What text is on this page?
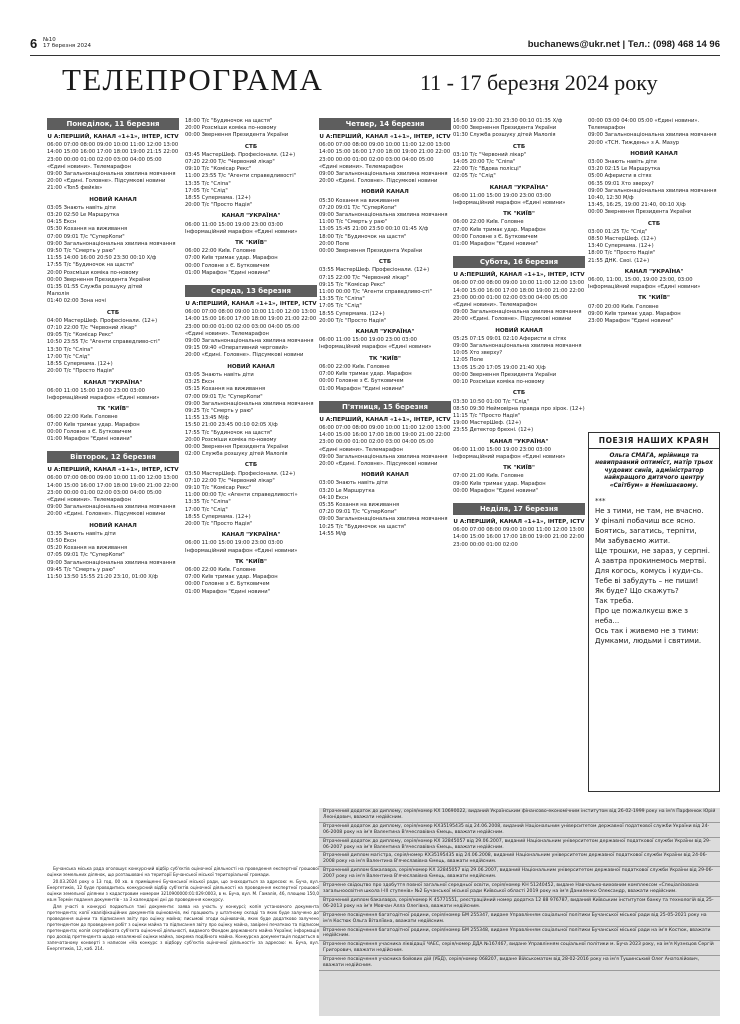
6 №10
17 березня 2024	buchanews@ukr.net | Тел.: (098) 468 14 96
ТЕЛЕПРОГРАМА	11 - 17 березня 2024 року
Понеділок, 11 березня
U A:ПЕРШИЙ, КАНАЛ «1+1», ІНТЕР, ICTV
06:00 07:00 08:00 09:00 10:00 11:00 12:00 13:00 14:00 15:00 16:00 17:00 18:00 19:00 21:15 22:00 23:00 00:00 01:00 02:00 03:00 04:00 05:00 «Єдині новини». Телемарафон
09:00 Загальнонаціональна хвилина мовчання
20:00 «Єдині. Головне». Підсумкові новини
21:00 «Ton5 фейків»
НОВИЙ КАНАЛ
03:05 Знають навіть діти
03:20 02:50 Le Маршрутка
04:15 Ексн
05:30 Кохання на виживання
07:00 09:01 Т/с "СуперКопи"
09:00 Загальнонаціональна хвилина мовчання
09:50 Т/с "Смерть у раю"
11:55 14:00 16:00 20:50 23:30 00:10 Х/ф
17:55 Т/с "Будиночок на щастя"
20:00 Розсміши коміка по-новому
00:00 Звернення Президента України
01:35 01:55 Служба розшуку дітей
Малолія
01:40 02:00 Зона ночі
СТБ
04:00 МастерШеф. Професіонали. (12+)
07:10 22:00 Т/с "Червоний лікар"
09:05 Т/с "Комісар Рекс"
10:50 23:55 Т/с "Агенти справедливо-сті"
13:30 Т/с "Сліпа"
17:00 Т/с "Слід"
18:55 Супермама. (12+)
20:00 Т/с "Просто Надія"
КАНАЛ "УКРАЇНА"
06:00 11:00 15:00 19:00 23:00 03:00 Інформаційний марафон «Єдині новини»
ТК "КИЇВ"
06:00 22:00 Київ. Головне
07:00 Київ тримає удар. Марафон
00:00 Головне з Є. Бутковичем
01:00 Марафон "Єдині новини"
Вівторок, 12 березня
U A:ПЕРШИЙ, КАНАЛ «1+1», ІНТЕР, ICTV
06:00 07:00 08:00 09:00 10:00 11:00 12:00 13:00 14:00 15:00 16:00 17:00 18:00 19:00 21:00 22:00 23:00 00:00 01:00 02:00 03:00 04:00 05:00 «Єдині новини». Телемарафон
09:00 Загальнонаціональна хвилина мовчання
20:00 «Єдині. Головне». Підсумкові новини
НОВИЙ КАНАЛ
03:35 Знають навіть діти
03:50 Ексн
05:20 Кохання на виживання
07:05 09:01 Т/с "СуперКопи"
09:00 Загальнонаціональна хвилина мовчання
09:45 Т/с "Смерть у раю"
11:50 13:50 15:55 21:20 23:10, 01:00 Х/ф
18:00 Т/с "Будиночок на щастя"
20:00 Розсміши коміка по-новому
00:00 Звернення Президента України
СТБ
03:45 МастерШеф. Професіонали. (12+)
07:20 22:00 Т/с "Червоний лікар"
09:10 Т/с "Комісар Рекс"
11:00 23:55 Т/с "Агенти справедливості"
13:35 Т/с "Сліпа"
17:05 Т/с "Слід"
18:55 Супермама. (12+)
20:00 Т/с "Просто Надія"
КАНАЛ "УКРАЇНА"
06:00 11:00 15:00 19:00 23:00 03:00 Інформаційний марафон «Єдині новини»
ТК "КИЇВ"
06:00 22:00 Київ. Головне
07:00 Київ тримає удар. Марафон
00:00 Головне з Є. Бутковичем
01:00 Марафон "Єдині новини"
Середа, 13 березня
U A:ПЕРШИЙ, КАНАЛ «1+1», ІНТЕР, ICTV
06:00 07:00 08:00 09:00 10:00 11:00 12:00 13:00 14:00 15:00 16:00 17:00 18:00 19:00 21:00 22:00 23:00 00:00 01:00 02:00 03:00 04:00 05:00 «Єдині новини». Телемарафон
09:00 Загальнонаціональна хвилина мовчання
09:15 09:40 «Оперативний черговий»
20:00 «Єдині. Головне». Підсумкові новини
НОВИЙ КАНАЛ
03:05 Знають навіть діти
03:25 Ексн
05:15 Кохання на виживання
07:00 09:01 Т/с "СуперКопи"
09:00 Загальнонаціональна хвилина мовчання
09:25 Т/с "Смерть у раю"
11:55 13:45 М/ф
15:50 21:00 23:45 00:10 02:05 Х/ф
17:55 Т/с "Будиночок на щастя"
20:00 Розсміши коміка по-новому
00:00 Звернення Президента України
02:00 Служба розшуку дітей Малолія
СТБ
03:50 МастерШеф. Професіонали. (12+)
07:10 22:00 Т/с "Червоний лікар"
09:10 Т/с "Комісар Рекс"
11:00 00:00 Т/с «Агенти справедливості»
13:35 Т/с "Сліпа"
17:00 Т/с "Слід"
18:55 Супермама. (12+)
20:00 Т/с "Просто Надія"
КАНАЛ "УКРАЇНА"
06:00 11:00 15:00 19:00 23:00 03:00 Інформаційний марафон «Єдині новини»
ТК "КИЇВ"
06:00 22:00 Київ. Головне
07:00 Київ тримає удар. Марафон
00:00 Головне з Є. Бутковичем
01:00 Марафон "Єдині новини"
Четвер, 14 березня
U A:ПЕРШИЙ, КАНАЛ «1+1», ІНТЕР, ICTV
06:00 07:00 08:00 09:00 10:00 11:00 12:00 13:00 14:00 15:00 16:00 17:00 18:00 19:00 21:00 22:00 23:00 00:00 01:00 02:00 03:00 04:00 05:00 «Єдині новини». Телемарафон
09:00 Загальнонаціональна хвилина мовчання
20:00 «Єдині. Головне». Підсумкові новини
НОВИЙ КАНАЛ
05:30 Кохання на виживання
07:20 09:01 Т/с "СуперКопи"
09:00 Загальнонаціональна хвилина мовчання
11:00 Т/с "Смерть у раю"
13:05 15:45 21:00 23:50 00:10 01:45 Х/ф
18:00 Т/с "Будиночок на щастя"
20:00 Поле
00:00 Звернення Президента України
СТБ
03:55 МастерШеф. Професіонали. (12+)
07:15 22:00 Т/с "Червоний лікар"
09:15 Т/с "Комісар Рекс"
11:00 00:00 Т/с "Агенти справедливо-сті"
13:35 Т/с "Сліпа"
17:05 Т/с "Слід"
18:55 Супермама. (12+)
20:00 Т/с "Просто Надія"
КАНАЛ "УКРАЇНА"
06:00 11:00 15:00 19:00 23:00 03:00 Інформаційний марафон «Єдині новини»
ТК "КИЇВ"
06:00 22:00 Київ. Головне
07:00 Київ тримає удар. Марафон
00:00 Головне з Є. Бутковичем
01:00 Марафон "Єдині новини"
П'ятниця, 15 березня
U A:ПЕРШИЙ, КАНАЛ «1+1», ІНТЕР, ICTV
06:00 07:00 08:00 09:00 10:00 11:00 12:00 13:00 14:00 15:00 16:00 17:00 18:00 19:00 21:00 22:00 23:00 00:00 01:00 02:00 03:00 04:00 05:00 «Єдині новини». Телемарафон
09:00 Загальнонаціональна хвилина мовчання
20:00 «Єдині. Головне». Підсумкові новини
НОВИЙ КАНАЛ
03:00 Знають навіть діти
03:20 Le Маршрутка
04:10 Ексн
05:35 Кохання на виживання
07:20 09:01 Т/с "СуперКопи"
09:00 Загальнонаціональна хвилина мовчання
10:25 Т/с "Будиночок на щастя"
14:55 М/ф
16:50 19:00 21:30 23:30 00:10 01:35 Х/ф
00:00 Звернення Президента України
01:30 Служба розшуку дітей Малолія
СТБ
03:10 Т/с "Червоний лікар"
14:05 20:00 Т/с "Сліпа"
22:00 Т/с "Вдова полісці"
02:05 Т/с "Слід"
КАНАЛ "УКРАЇНА"
06:00 11:00 15:00 19:00 23:00 03:00 Інформаційний марафон «Єдині новини»
ТК "КИЇВ"
06:00 22:00 Київ. Головне
07:00 Київ тримає удар. Марафон
00:00 Головне з Є. Бутковичем
01:00 Марафон "Єдині новини"
Субота, 16 березня
U A:ПЕРШИЙ, КАНАЛ «1+1», ІНТЕР, ICTV
06:00 07:00 08:00 09:00 10:00 11:00 12:00 13:00 14:00 15:00 16:00 17:00 18:00 19:00 21:00 22:00 23:00 00:00 01:00 02:00 03:00 04:00 05:00 «Єдині новини». Телемарафон
09:00 Загальнонаціональна хвилина мовчання
20:00 «Єдині. Головне». Підсумкові новини
НОВИЙ КАНАЛ
05:25 07:15 09:01 02:10 Аферисти в сітях
09:00 Загальнонаціональна хвилина мовчання
10:05 Хто зверху?
12:05 Поле
13:05 15:20 17:05 19:00 21:40 Х/ф
00:00 Звернення Президента України
00:10 Розсміши коміка по-новому
СТБ
03:30 10:50 01:00 Т/с "Слід"
08:50 09:30 Неймовірна правда про зірок. (12+)
11:15 Т/с "Просто Надія"
19:00 МастерШеф. (12+)
23:55 Детектор брехні. (12+)
КАНАЛ "УКРАЇНА"
06:00 11:00 15:00 19:00 23:00 03:00 Інформаційний марафон «Єдині новини»
ТК "КИЇВ"
07:00 21:00 Київ. Головне
09:00 Київ тримає удар. Марафон
00:00 Марафон "Єдині новини"
Неділя, 17 березня
U A:ПЕРШИЙ, КАНАЛ «1+1», ІНТЕР, ICTV
06:00 07:00 08:00 09:00 10:00 11:00 12:00 13:00 14:00 15:00 16:00 17:00 18:00 19:00 21:00 22:00 23:00 00:00 01:00 02:00
00:00 03:00 04:00 05:00 «Єдині новини». Телемарафон
09:00 Загальнонаціональна хвилина мовчання
20:00 «ТСН. Тиждень» з А. Мазур
НОВИЙ КАНАЛ
03:00 Знають навіть діти
03:20 02:15 Le Маршрутка
05:00 Аферисти в сітях
06:35 09:01 Хто зверху?
09:00 Загальнонаціональна хвилина мовчання
10:40, 12:30 М/ф
13:45, 16:25, 19:00 21:40, 00:10 Х/ф
00:00 Звернення Президента України
СТБ
03:00 01:25 Т/с "Слід"
08:50 МастерШеф. (12+)
13:40 Супермама. (12+)
18:00 Т/с "Просто Надія"
21:55 ДНК. Своі. (12+)
КАНАЛ "УКРАЇНА"
06:00, 11:00, 15:00, 19:00 23:00, 03:00 Інформаційний марафон «Єдині новини»
ТК "КИЇВ"
07:00 20:00 Київ. Головне
09:00 Київ тримає удар. Марафон
23:00 Марафон "Єдині новини"
ПОЕЗІЯ НАШИХ КРАЯН
Ольга СМАГА, мрійниця та невиправний оптиміст, матір трьох чудових синів, адміністратор найкращого дитячого центру «Світбум» в Немішаєвому.
***
Не з тими, не там, не вчасно.
У фіналі побачиш все ясно.
Боятись, загатись, терпіти,
Ми забуваємо жити.
Ще трошки, не зараз, у серпні.
А завтра прокинемось мертві.
Для когось, комусь і куди-сь.
Тебе ві забудуть – не пиши!
Як буде? Що скажуть?
Так треба.
Про це пожалкуєш вже з неба...
Ось так і живемо не з тими:
Думками, людьми і святими.

Бучанська міська рада оголошує конкурсний відбір суб'єктів оціночної діяльності на проведення експертної грошової оцінки земельних ділянок, що розташовані на території Бучанської міської територіальної громади.

20.03.2024 року о 13 год. 00 хв. в приміщенні Бучанської міської ради, що знаходиться за адресою: м. Буча, вул. Енергетиків, 12 буде проводитись конкурсний відбір суб'єктів оціночної діяльності на проведення експертної грошової оцінки земельної ділянки з кадастровим номером 3210900000:01:029:0003, в м. Буча, вул. М. Гамалія, 46, площею 150,0 кв.м Термін подання документів - за 3 календарні дні до проведення конкурсу.

Для участі в конкурсі подаються такі документи: заява на участь у конкурсі; копія установчого документа претендента; копії кваліфікаційних документів оцінювачів, які працюють у штатному складі та яких буде залучено до проведення оцінки та підписання звіту про оцінку майна; письмові згоди оцінювачів, яких буде додатково залучено претендентом до проведення робіт з оцінки майна та підписання звіту про оцінку майна, завірені печаткою та підписом претендента; копія сертифіката суб'єкта оціночної діяльності, виданого Фондом державного майна України; інформація про досвід претендента щодо незалежної оцінки майна, зокрема подібного майна. Конкурсна документація подається в запечатаному конверті з написом «На конкурс з відбору суб'єктів оціночної діяльності» за адресою: м. Буча, вул. Енергетиків, 12, каб. 214.

Втрачений додаток до диплому, серія/номер КХ 10690022, виданий Українським фінансово-економічним інститутом від 26-02-1999 року на ім'я Парфенюк Юрій Леонідович, вважати недійсним.
Втрачений додаток до диплому, серія/номер КХ35195435 від 24.06.2008, виданий Національним університетом державної податкової служби України від 24-06-2008 року на ім'я Валентина В'ячеславівна Ємець, вважати недійсним.
Втрачений додаток до диплому, серія/номер КХ 32845057 від 29.06.2007, виданий Національним університетом державної податкової служби України від 29-06-2007 року на ім'я Валентина В'ячеславівна Ємець, вважати недійсним.
Втрачений диплом магістра, серія/номер КХ35195435 від 24.06.2008, виданий Національним університетом державної податкової служби України від 24-06-2008 року на ім'я Валентина В'ячеславівна Ємець, вважати недійсним.
Втрачений диплом бакалавра, серія/номер КХ 32845057 від 29.06.2007, виданий Національним університетом державної податкової служби України від 29-06-2007 року на ім'я Валентина В'ячеславівна Ємець, вважати недійсним.
Втрачене свідоцтво про здобуття повної загальної середньої освіти, серія/номер КН 51240452, видане Навчально-виховним комплексом «Спеціалізована загальноосвітня школа І-ІІІ ступенів» №2 Бучанської міської ради Київської області 2019 року на ім'я Даниленко Олександр, вважати недійсним.
Втрачений диплом бакалавра, серія/номер К 45771551, реєстраційний номер додатка 12 88 976787, виданий Київським інститутом банку та технологій від 25-06-2013 року на ім'я Мовчан Алла Олегівна, вважати недійсним.
Втрачене посвідчення багатодітної родини, серія/номер БМ 255347, видане Управлінням соціальної політики Бучанської міської ради від 25-05-2021 року на ім'я Костюк Ольга Віталіївна, вважати недійсним.
Втрачене посвідчення багатодітної родини, серія/номер БМ 255348, видане Управлінням соціальної політики Бучанської міської ради на ім'я Костюк, вважати недійсним.
Втрачене посвідчення учасника ліквідації ЧАЕС, серія/номер ДДА №167467, видане Управлінням соціальної політики м. Буча 2023 року, на ім'я Кузнєцов Сергій Григорович, вважати недійсним.
Втрачене посвідчення учасника бойових дій (УБД), серія/номер 068207, видане Військоматом від 28-02-2016 року на ім'я Тушинський Олег Анатолійович, вважати недійсним.
